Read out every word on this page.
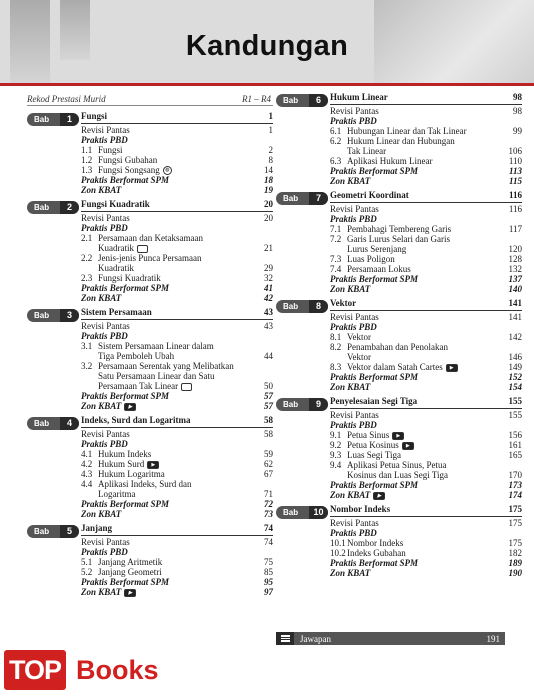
Kandungan
Rekod Prestasi Murid	R1 – R4
Bab	1	Fungsi	1
Revisi Pantas	1
Praktis PBD
1.1 Fungsi	2
1.2 Fungsi Gubahan	8
1.3 Fungsi Songsang ◍	14
Praktis Berformat SPM	18
Zon KBAT	19
Bab	2	Fungsi Kuadratik	20
Revisi Pantas	20
Praktis PBD
2.1 Persamaan dan Ketaksamaan
Kuadratik	21
2.2 Jenis-jenis Punca Persamaan
Kuadratik	29
2.3 Fungsi Kuadratik	32
Praktis Berformat SPM	41
Zon KBAT	42
Bab	3	Sistem Persamaan	43
Revisi Pantas	43
Praktis PBD
3.1 Sistem Persamaan Linear dalam
Tiga Pemboleh Ubah	44
3.2 Persamaan Serentak yang Melibatkan
Satu Persamaan Linear dan Satu
Persamaan Tak Linear	50
Praktis Berformat SPM	57
Zon KBAT ▶	57
Bab	4	Indeks, Surd dan Logaritma	58
Revisi Pantas	58
Praktis PBD
4.1 Hukum Indeks	59
4.2 Hukum Surd ▶	62
4.3 Hukum Logaritma	67
4.4 Aplikasi Indeks, Surd dan
Logaritma	71
Praktis Berformat SPM	72
Zon KBAT	73
Bab	5	Janjang	74
Revisi Pantas	74
Praktis PBD
5.1 Janjang Aritmetik	75
5.2 Janjang Geometri	85
Praktis Berformat SPM	95
Zon KBAT ▶	97
Bab	6	Hukum Linear	98
Revisi Pantas	98
Praktis PBD
6.1 Hubungan Linear dan Tak Linear	99
6.2 Hukum Linear dan Hubungan
Tak Linear	106
6.3 Aplikasi Hukum Linear	110
Praktis Berformat SPM	113
Zon KBAT	115
Bab	7	Geometri Koordinat	116
Revisi Pantas	116
Praktis PBD
7.1 Pembahagi Tembereng Garis	117
7.2 Garis Lurus Selari dan Garis
Lurus Serenjang	120
7.3 Luas Poligon	128
7.4 Persamaan Lokus	132
Praktis Berformat SPM	137
Zon KBAT	140
Bab	8	Vektor	141
Revisi Pantas	141
Praktis PBD
8.1 Vektor	142
8.2 Penambahan dan Penolakan
Vektor	146
8.3 Vektor dalam Satah Cartes ▶	149
Praktis Berformat SPM	152
Zon KBAT	154
Bab	9	Penyelesaian Segi Tiga	155
Revisi Pantas	155
Praktis PBD
9.1 Petua Sinus ▶	156
9.2 Petua Kosinus ▶	161
9.3 Luas Segi Tiga	165
9.4 Aplikasi Petua Sinus, Petua
Kosinus dan Luas Segi Tiga	170
Praktis Berformat SPM	173
Zon KBAT ▶	174
Bab	10 Nombor Indeks	175
Revisi Pantas	175
Praktis PBD
10.1 Nombor Indeks	175
10.2 Indeks Gubahan	182
Praktis Berformat SPM	189
Zon KBAT	190
Jawapan	191
TOP Books
